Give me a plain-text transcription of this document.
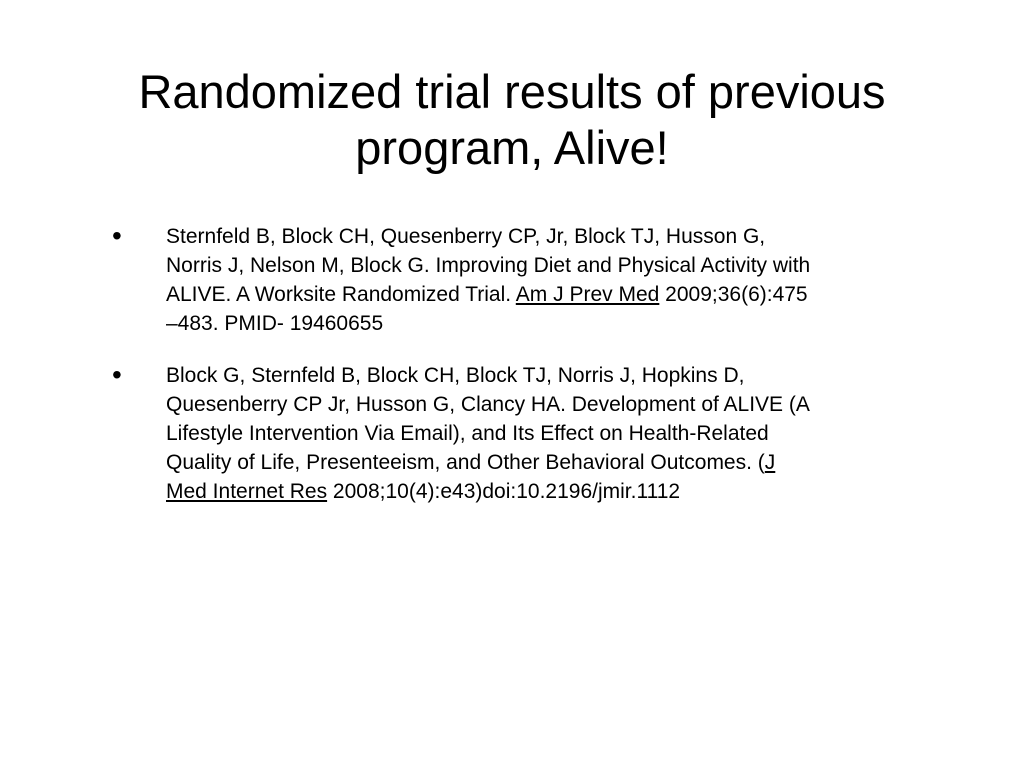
Randomized trial results of previous
program, Alive!
• Sternfeld B, Block CH, Quesenberry CP, Jr, Block TJ, Husson G,
Norris J, Nelson M, Block G. Improving Diet and Physical Activity with
ALIVE. A Worksite Randomized Trial. Am J Prev Med 2009;36(6):475
–483. PMID- 19460655
• Block G, Sternfeld B, Block CH, Block TJ, Norris J, Hopkins D,
Quesenberry CP Jr, Husson G, Clancy HA. Development of ALIVE (A
Lifestyle Intervention Via Email), and Its Effect on Health-Related
Quality of Life, Presenteeism, and Other Behavioral Outcomes. (J
Med Internet Res 2008;10(4):e43)doi:10.2196/jmir.1112
